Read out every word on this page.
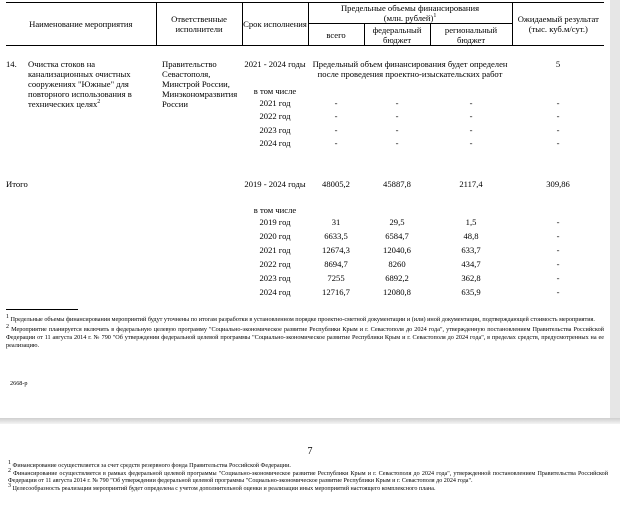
Наименование мероприятия		Ответственные исполнители	Срок исполнения	Предельные объемы финансирования
(млн. рублей)$^1$			Ожидаемый результат (тыс. куб.м/сут.)
				всего	федеральный бюджет	региональный бюджет	
14.	Очистка стоков на канализационных очистных сооружениях "Южные" для повторного использования в технических целях$^2$	Правительство Севастополя, Минстрой России, Минэкономразвития России	2021 - 2024 годы	Предельный объем финансирования будет определен после проведения проектно-изыскательских работ			5
			в том числе				
			2021 год	-	-	-	-
			2022 год	-	-	-	-
			2023 год	-	-	-	-
			2024 год	-	-	-	-

Итого			2019 - 2024 годы	48005,2	45887,8	2117,4	309,86
			в том числе				
			2019 год	31	29,5	1,5	-
			2020 год	6633,5	6584,7	48,8	-
			2021 год	12674,3	12040,6	633,7	-
			2022 год	8694,7	8260	434,7	-
			2023 год	7255	6892,2	362,8	-
			2024 год	12716,7	12080,8	635,9	-

$^1$ Предельные объемы финансирования мероприятий будут уточнены по итогам разработки в установленном порядке проектно-сметной документации и (или) иной документации, подтверждающей стоимость мероприятия.

$^2$ Мероприятие планируется включить в федеральную целевую программу "Социально-экономическое развитие Республики Крым и г. Севастополя до 2024 года", утвержденную постановлением Правительства Российской Федерации от 11 августа 2014 г. № 790 "Об утверждении федеральной целевой программы "Социально-экономическое развитие Республики Крым и г. Севастополя до 2024 года", в пределах средств, предусмотренных на ее реализацию.

2668-р
7

$^1$ Финансирование осуществляется за счет средств резервного фонда Правительства Российской Федерации.

$^2$ Финансирование осуществляется в рамках федеральной целевой программы "Социально-экономическое развитие Республики Крым и г. Севастополя до 2024 года", утвержденной постановлением Правительства Российской Федерации от 11 августа 2014 г. № 790 "Об утверждении федеральной целевой программы "Социально-экономическое развитие Республики Крым и г. Севастополя до 2024 года".

$^3$ Целесообразность реализации мероприятий будет определена с учетом дополнительной оценки и реализации иных мероприятий настоящего комплексного плана.
